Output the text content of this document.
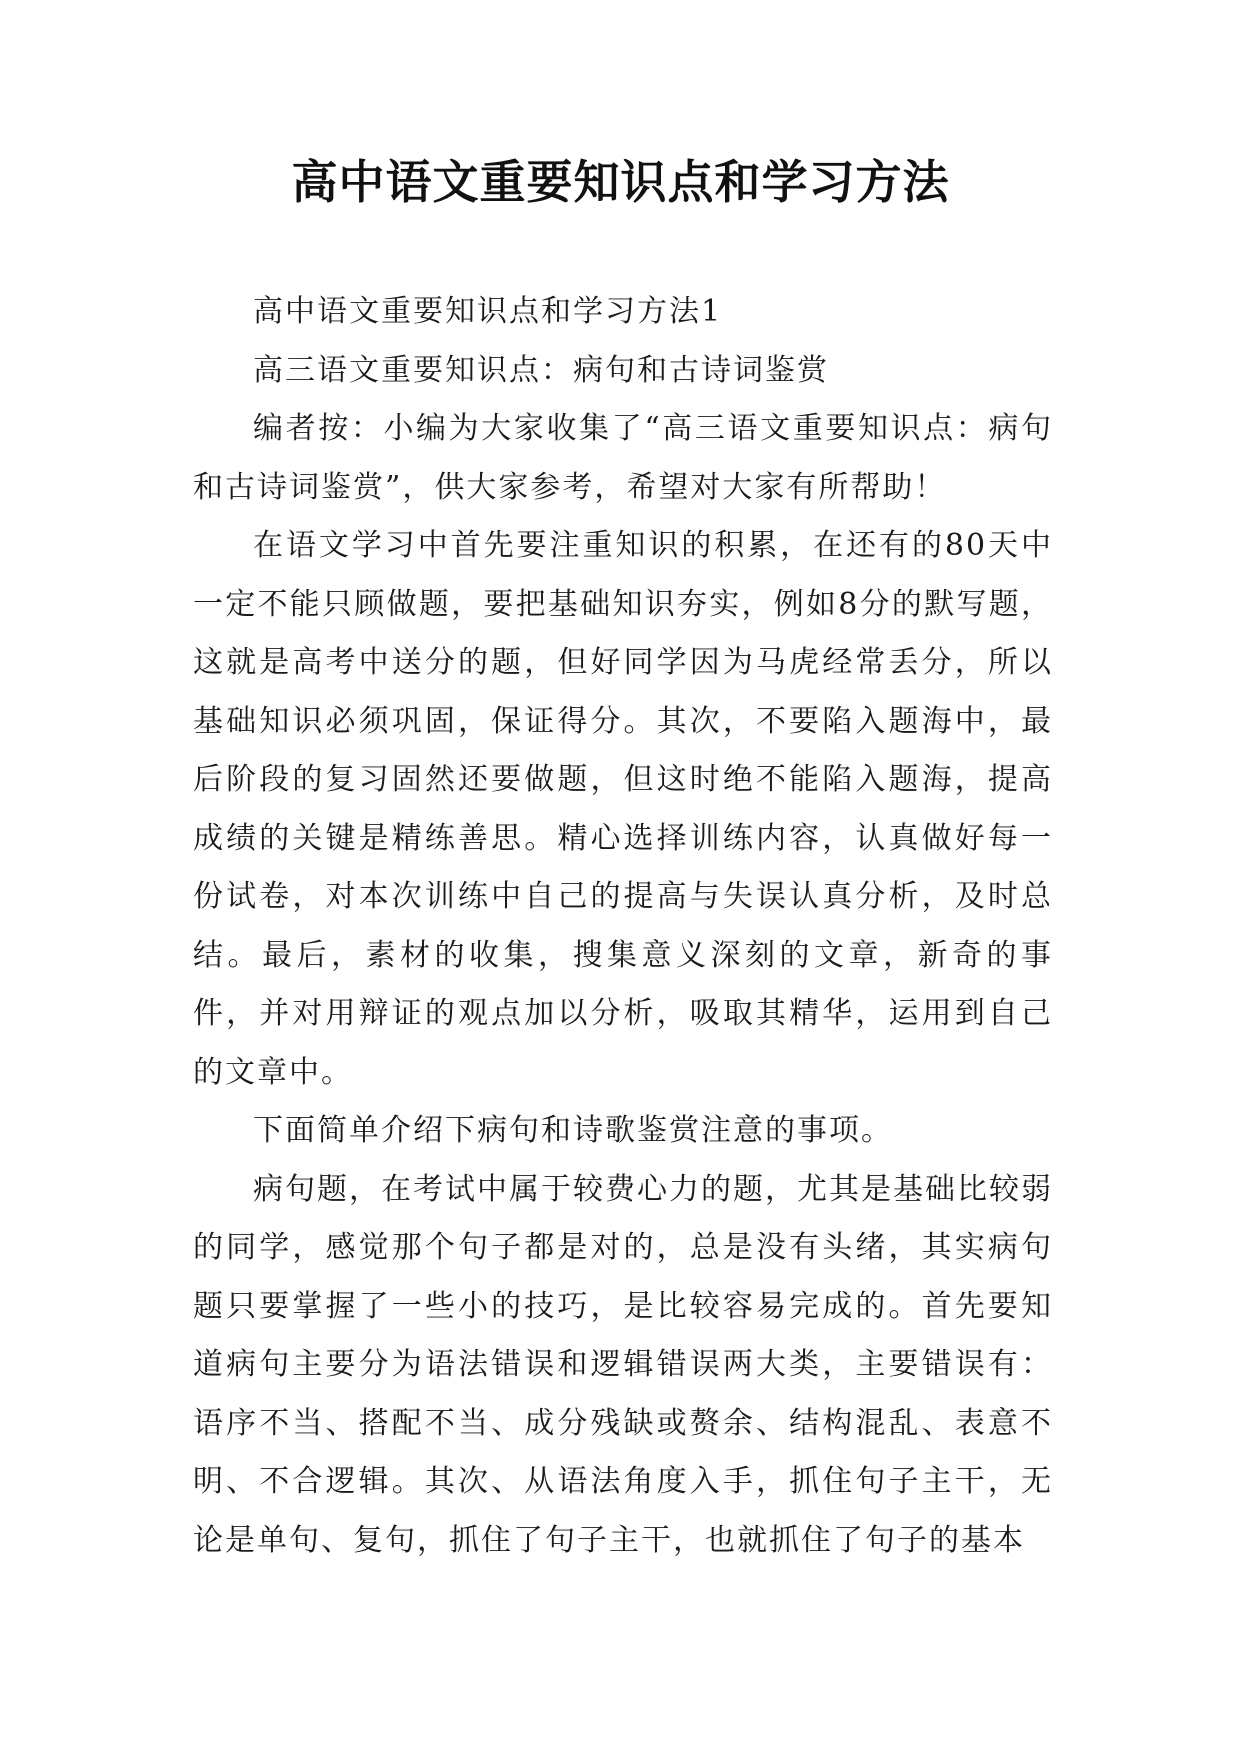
高中语文重要知识点和学习方法

高中语文重要知识点和学习方法1

高三语文重要知识点：病句和古诗词鉴赏

编者按：小编为大家收集了“高三语文重要知识点：病句和古诗词鉴赏”，供大家参考，希望对大家有所帮助！

在语文学习中首先要注重知识的积累，在还有的80天中一定不能只顾做题，要把基础知识夯实，例如8分的默写题，这就是高考中送分的题，但好同学因为马虎经常丢分，所以基础知识必须巩固，保证得分。其次，不要陷入题海中，最后阶段的复习固然还要做题，但这时绝不能陷入题海，提高成绩的关键是精练善思。精心选择训练内容，认真做好每一份试卷，对本次训练中自己的提高与失误认真分析，及时总结。最后，素材的收集，搜集意义深刻的文章，新奇的事件，并对用辩证的观点加以分析，吸取其精华，运用到自己的文章中。

下面简单介绍下病句和诗歌鉴赏注意的事项。

病句题，在考试中属于较费心力的题，尤其是基础比较弱的同学，感觉那个句子都是对的，总是没有头绪，其实病句题只要掌握了一些小的技巧，是比较容易完成的。首先要知道病句主要分为语法错误和逻辑错误两大类，主要错误有：语序不当、搭配不当、成分残缺或赘余、结构混乱、表意不明、不合逻辑。其次、从语法角度入手，抓住句子主干，无论是单句、复句，抓住了句子主干，也就抓住了句子的基本
